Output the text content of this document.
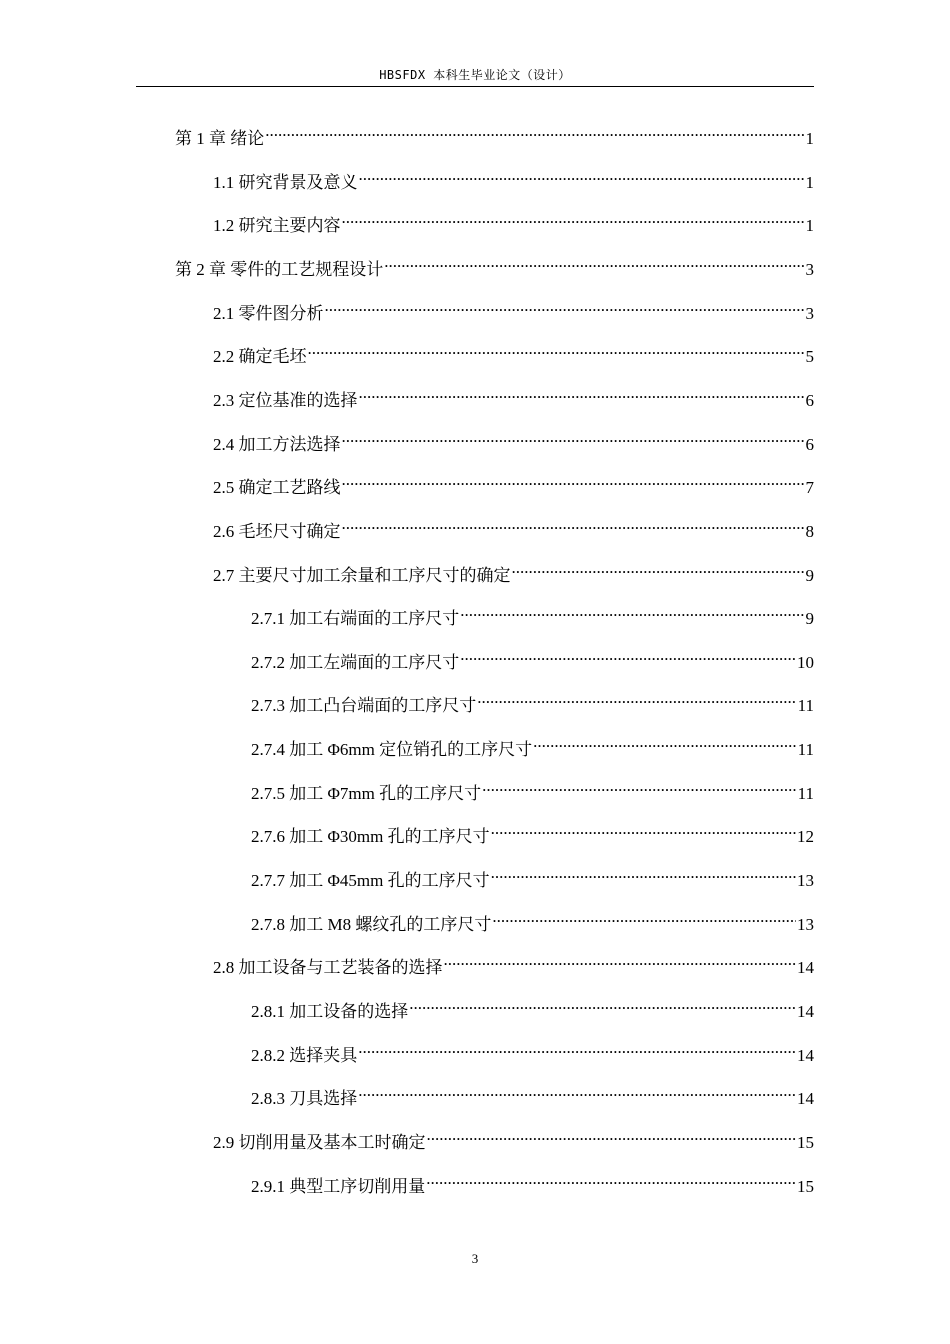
HBSFDX 本科生毕业论文（设计）
第 1 章 绪论 .....	1
1.1 研究背景及意义 .....	1
1.2 研究主要内容 .....	1
第 2 章 零件的工艺规程设计 .....	3
2.1 零件图分析 .....	3
2.2 确定毛坯 .....	5
2.3 定位基准的选择 .....	6
2.4 加工方法选择 .....	6
2.5 确定工艺路线 .....	7
2.6 毛坯尺寸确定 .....	8
2.7 主要尺寸加工余量和工序尺寸的确定 .....	9
2.7.1 加工右端面的工序尺寸 .....	9
2.7.2 加工左端面的工序尺寸 .....	10
2.7.3 加工凸台端面的工序尺寸 .....	11
2.7.4 加工 Φ6mm 定位销孔的工序尺寸 .....	11
2.7.5 加工 Φ7mm 孔的工序尺寸 .....	11
2.7.6 加工 Φ30mm 孔的工序尺寸 .....	12
2.7.7 加工 Φ45mm 孔的工序尺寸 .....	13
2.7.8 加工 M8 螺纹孔的工序尺寸 .....	13
2.8 加工设备与工艺装备的选择 .....	14
2.8.1 加工设备的选择 .....	14
2.8.2 选择夹具 .....	14
2.8.3 刀具选择 .....	14
2.9 切削用量及基本工时确定 .....	15
2.9.1 典型工序切削用量 .....	15
3
